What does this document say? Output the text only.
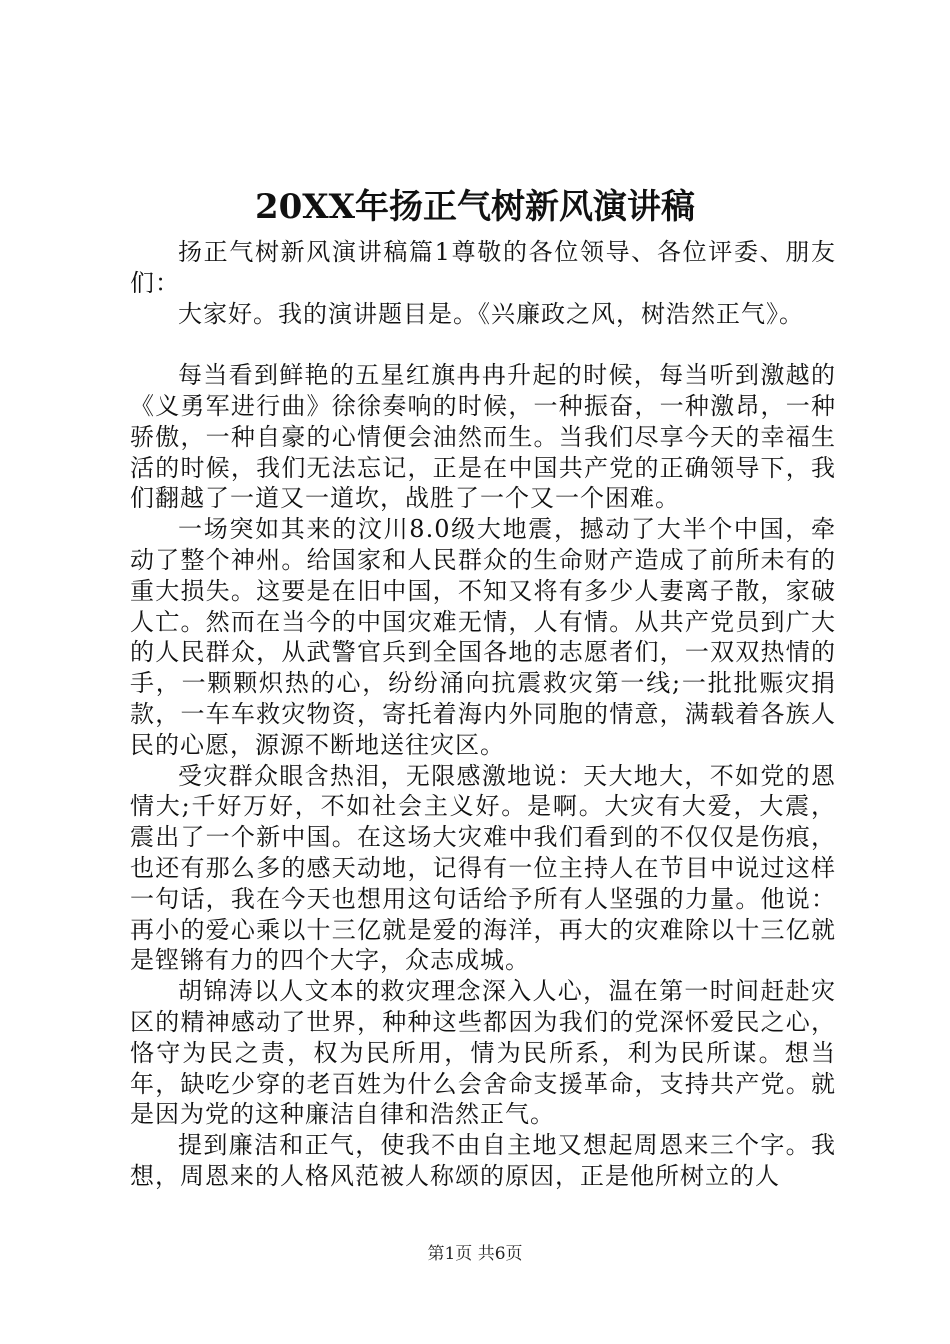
20XX年扬正气树新风演讲稿

扬正气树新风演讲稿篇1尊敬的各位领导、各位评委、朋友们：

大家好。我的演讲题目是。《兴廉政之风，树浩然正气》。

每当看到鲜艳的五星红旗冉冉升起的时候，每当听到激越的《义勇军进行曲》徐徐奏响的时候，一种振奋，一种激昂，一种骄傲，一种自豪的心情便会油然而生。当我们尽享今天的幸福生活的时候，我们无法忘记，正是在中国共产党的正确领导下，我们翻越了一道又一道坎，战胜了一个又一个困难。

一场突如其来的汶川8.0级大地震，撼动了大半个中国，牵动了整个神州。给国家和人民群众的生命财产造成了前所未有的重大损失。这要是在旧中国，不知又将有多少人妻离子散，家破人亡。然而在当今的中国灾难无情，人有情。从共产党员到广大的人民群众，从武警官兵到全国各地的志愿者们，一双双热情的手，一颗颗炽热的心，纷纷涌向抗震救灾第一线;一批批赈灾捐款，一车车救灾物资，寄托着海内外同胞的情意，满载着各族人民的心愿，源源不断地送往灾区。

受灾群众眼含热泪，无限感激地说：天大地大，不如党的恩情大;千好万好，不如社会主义好。是啊。大灾有大爱，大震，震出了一个新中国。在这场大灾难中我们看到的不仅仅是伤痕，也还有那么多的感天动地，记得有一位主持人在节目中说过这样一句话，我在今天也想用这句话给予所有人坚强的力量。他说：再小的爱心乘以十三亿就是爱的海洋，再大的灾难除以十三亿就是铿锵有力的四个大字，众志成城。

胡锦涛以人文本的救灾理念深入人心，温在第一时间赶赴灾区的精神感动了世界，种种这些都因为我们的党深怀爱民之心，恪守为民之责，权为民所用，情为民所系，利为民所谋。想当年，缺吃少穿的老百姓为什么会舍命支援革命，支持共产党。就是因为党的这种廉洁自律和浩然正气。

提到廉洁和正气，使我不由自主地又想起周恩来三个字。我想，周恩来的人格风范被人称颂的原因，正是他所树立的人

第1页 共6页
